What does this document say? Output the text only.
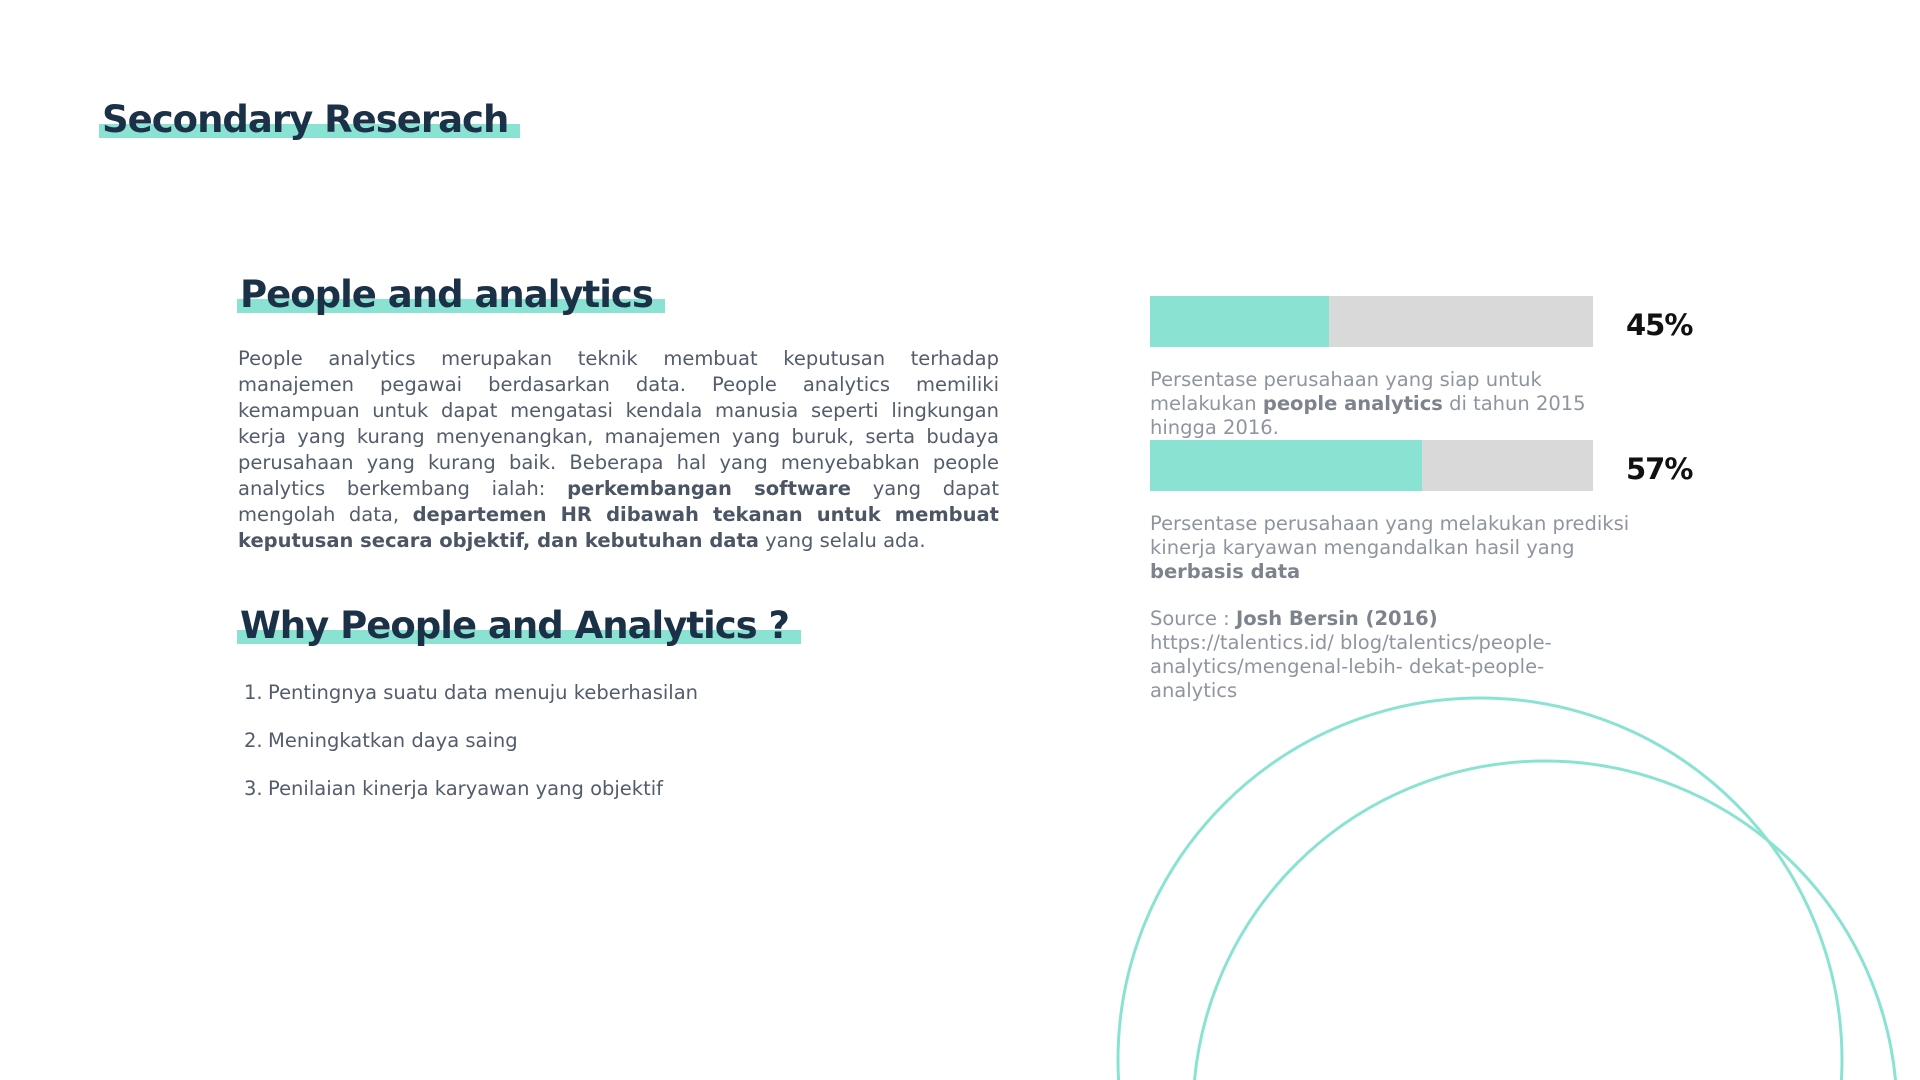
Secondary Reserach
People and analytics

People analytics merupakan teknik membuat keputusan terhadap manajemen pegawai berdasarkan data. People analytics memiliki kemampuan untuk dapat mengatasi kendala manusia seperti lingkungan kerja yang kurang menyenangkan, manajemen yang buruk, serta budaya perusahaan yang kurang baik. Beberapa hal yang menyebabkan people analytics berkembang ialah: perkembangan software yang dapat mengolah data, departemen HR dibawah tekanan untuk membuat keputusan secara objektif, dan kebutuhan data yang selalu ada.

Why People and Analytics ?
1. Pentingnya suatu data menuju keberhasilan
2. Meningkatkan daya saing
3. Penilaian kinerja karyawan yang objektif
45%

Persentase perusahaan yang siap untuk melakukan people analytics di tahun 2015 hingga 2016.

57%

Persentase perusahaan yang melakukan prediksi kinerja karyawan mengandalkan hasil yang berbasis data

Source : Josh Bersin (2016) https://talentics.id/ blog/talentics/people-analytics/mengenal-lebih- dekat-people-analytics
